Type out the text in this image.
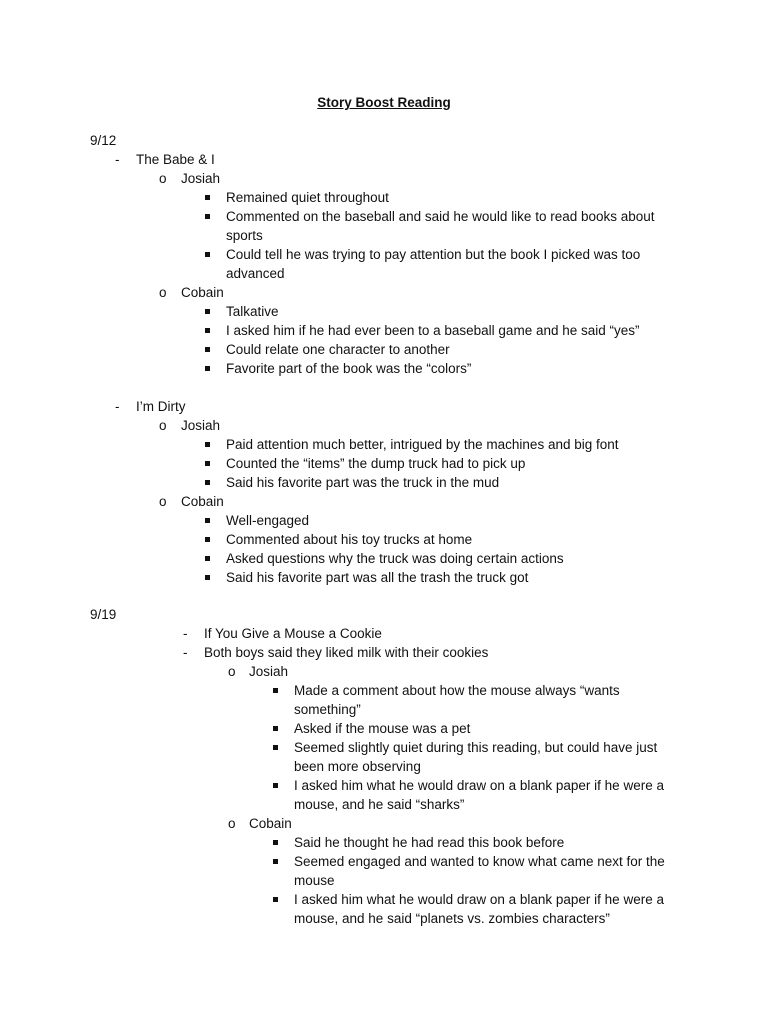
Story Boost Reading
9/12
- The Babe & I
o Josiah
Remained quiet throughout
Commented on the baseball and said he would like to read books about
sports
Could tell he was trying to pay attention but the book I picked was too
advanced
o Cobain
Talkative
I asked him if he had ever been to a baseball game and he said “yes”
Could relate one character to another
Favorite part of the book was the “colors”
- I’m Dirty
o Josiah
Paid attention much better, intrigued by the machines and big font
Counted the “items” the dump truck had to pick up
Said his favorite part was the truck in the mud
o Cobain
Well-engaged
Commented about his toy trucks at home
Asked questions why the truck was doing certain actions
Said his favorite part was all the trash the truck got
9/19
- If You Give a Mouse a Cookie
- Both boys said they liked milk with their cookies
o Josiah
Made a comment about how the mouse always “wants
something”
Asked if the mouse was a pet
Seemed slightly quiet during this reading, but could have just
been more observing
I asked him what he would draw on a blank paper if he were a
mouse, and he said “sharks”
o Cobain
Said he thought he had read this book before
Seemed engaged and wanted to know what came next for the
mouse
I asked him what he would draw on a blank paper if he were a
mouse, and he said “planets vs. zombies characters”
